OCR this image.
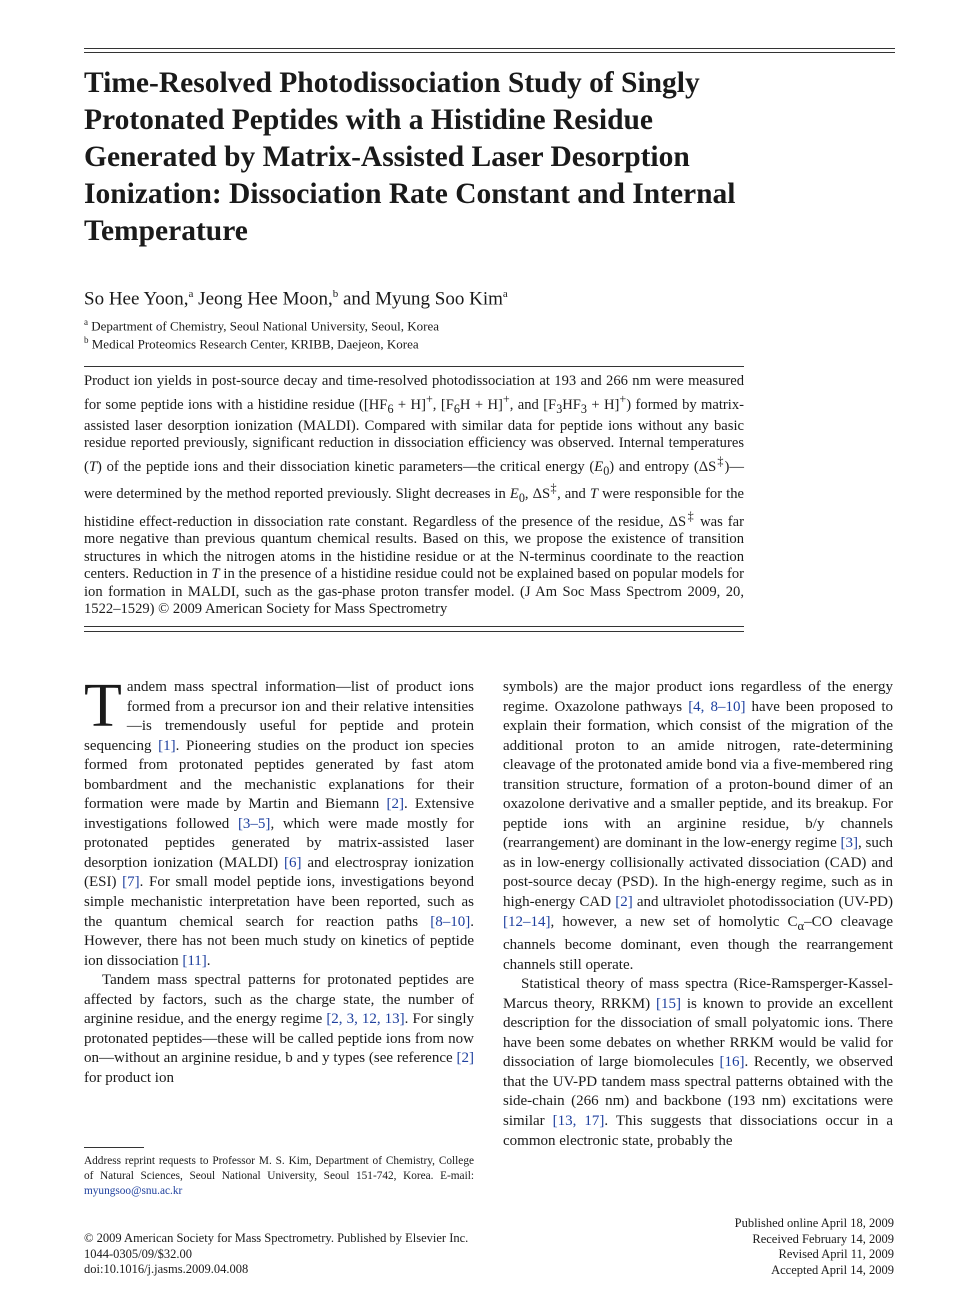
Time-Resolved Photodissociation Study of Singly Protonated Peptides with a Histidine Residue Generated by Matrix-Assisted Laser Desorption Ionization: Dissociation Rate Constant and Internal Temperature

So Hee Yoon,$^a$ Jeong Hee Moon,$^b$ and Myung Soo Kim$^a$

$^a$ Department of Chemistry, Seoul National University, Seoul, Korea
$^b$ Medical Proteomics Research Center, KRIBB, Daejeon, Korea

Product ion yields in post-source decay and time-resolved photodissociation at 193 and 266 nm were measured for some peptide ions with a histidine residue ($[HF_6 + H]^+$, $[F_6H + H]^+$, and $[F_3HF_3 + H]^+$) formed by matrix-assisted laser desorption ionization (MALDI). Compared with similar data for peptide ions without any basic residue reported previously, significant reduction in dissociation efficiency was observed. Internal temperatures (T) of the peptide ions and their dissociation kinetic parameters—the critical energy $(E_0)$ and entropy (ΔS‡)—were determined by the method reported previously. Slight decreases in $E_0$, ΔS‡, and T were responsible for the histidine effect-reduction in dissociation rate constant. Regardless of the presence of the residue, ΔS‡ was far more negative than previous quantum chemical results. Based on this, we propose the existence of transition structures in which the nitrogen atoms in the histidine residue or at the N-terminus coordinate to the reaction centers. Reduction in T in the presence of a histidine residue could not be explained based on popular models for ion formation in MALDI, such as the gas-phase proton transfer model. (J Am Soc Mass Spectrom 2009, 20, 1522–1529) © 2009 American Society for Mass Spectrometry

Tandem mass spectral information—list of product ions formed from a precursor ion and their relative intensities—is tremendously useful for peptide and protein sequencing [1]. Pioneering studies on the product ion species formed from protonated peptides generated by fast atom bombardment and the mechanistic explanations for their formation were made by Martin and Biemann [2]. Extensive investigations followed [3–5], which were made mostly for protonated peptides generated by matrix-assisted laser desorption ionization (MALDI) [6] and electrospray ionization (ESI) [7]. For small model peptide ions, investigations beyond simple mechanistic interpretation have been reported, such as the quantum chemical search for reaction paths [8–10]. However, there has not been much study on kinetics of peptide ion dissociation [11].

Tandem mass spectral patterns for protonated peptides are affected by factors, such as the charge state, the number of arginine residue, and the energy regime [2, 3, 12, 13]. For singly protonated peptides—these will be called peptide ions from now on—without an arginine residue, b and y types (see reference [2] for product ion

symbols) are the major product ions regardless of the energy regime. Oxazolone pathways [4, 8–10] have been proposed to explain their formation, which consist of the migration of the additional proton to an amide nitrogen, rate-determining cleavage of the protonated amide bond via a five-membered ring transition structure, formation of a proton-bound dimer of an oxazolone derivative and a smaller peptide, and its breakup. For peptide ions with an arginine residue, b/y channels (rearrangement) are dominant in the low-energy regime [3], such as in low-energy collisionally activated dissociation (CAD) and post-source decay (PSD). In the high-energy regime, such as in high-energy CAD [2] and ultraviolet photodissociation (UV-PD) [12–14], however, a new set of homolytic $C_\alpha-CO$ cleavage channels become dominant, even though the rearrangement channels still operate.

Statistical theory of mass spectra (Rice-Ramsperger-Kassel-Marcus theory, RRKM) [15] is known to provide an excellent description for the dissociation of small polyatomic ions. There have been some debates on whether RRKM would be valid for dissociation of large biomolecules [16]. Recently, we observed that the UV-PD tandem mass spectral patterns obtained with the side-chain (266 nm) and backbone (193 nm) excitations were similar [13, 17]. This suggests that dissociations occur in a common electronic state, probably the

Address reprint requests to Professor M. S. Kim, Department of Chemistry, College of Natural Sciences, Seoul National University, Seoul 151-742, Korea. E-mail: myungsoo@snu.ac.kr

© 2009 American Society for Mass Spectrometry. Published by Elsevier Inc.
1044-0305/09/$32.00
doi:10.1016/j.jasms.2009.04.008
Published online April 18, 2009
Received February 14, 2009
Revised April 11, 2009
Accepted April 14, 2009
